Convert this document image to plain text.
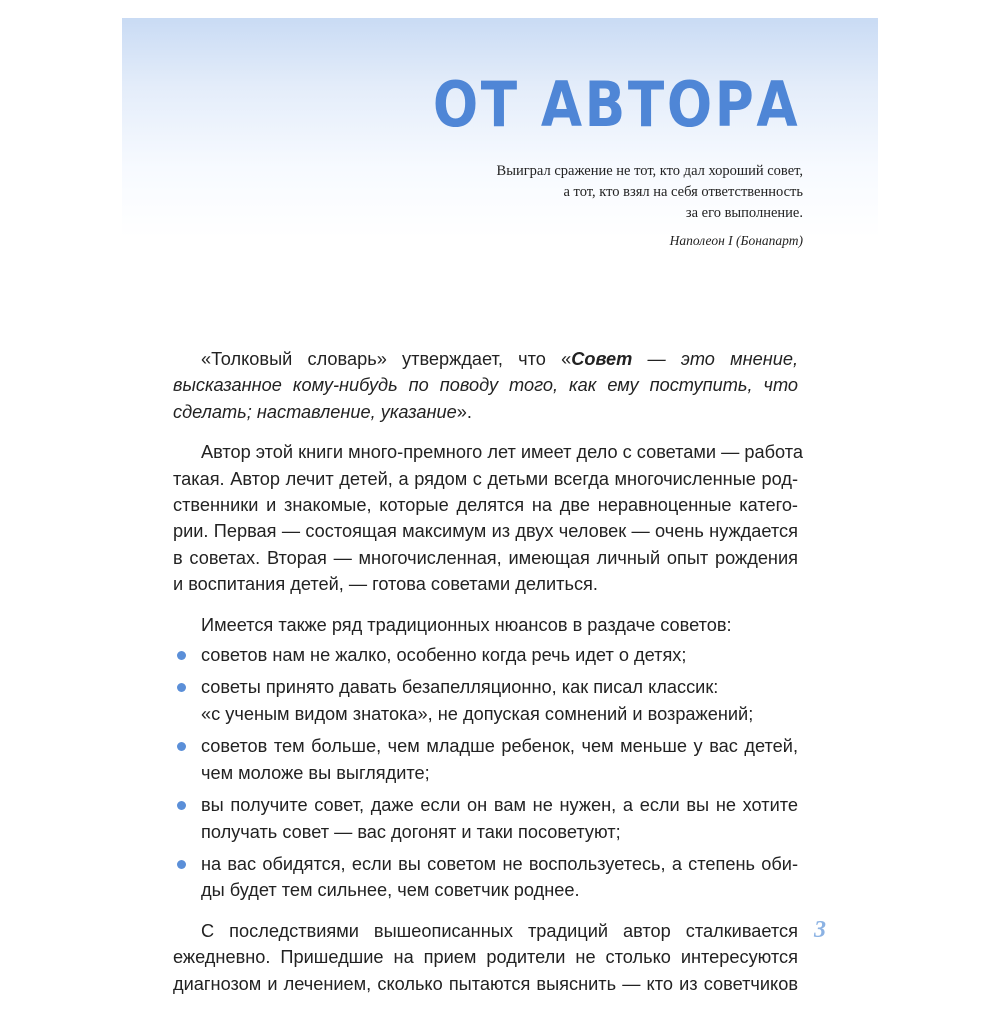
ОТ АВТОРА
Выиграл сражение не тот, кто дал хороший совет,
а тот, кто взял на себя ответственность
за его выполнение.
Наполеон I (Бонапарт)
«Толковый словарь» утверждает, что «Совет — это мнение,
высказанное кому-нибудь по поводу того, как ему поступить, что
сделать; наставление, указание».
Автор этой книги много-премного лет имеет дело с советами — работа
такая. Автор лечит детей, а рядом с детьми всегда многочисленные род-
ственники и знакомые, которые делятся на две неравноценные катего-
рии. Первая — состоящая максимум из двух человек — очень нуждается
в советах. Вторая — многочисленная, имеющая личный опыт рождения
и воспитания детей, — готова советами делиться.
Имеется также ряд традиционных нюансов в раздаче советов:
советов нам не жалко, особенно когда речь идет о детях;
советы принято давать безапелляционно, как писал классик:
«с ученым видом знатока», не допуская сомнений и возражений;
советов тем больше, чем младше ребенок, чем меньше у вас детей,
чем моложе вы выглядите;
вы получите совет, даже если он вам не нужен, а если вы не хотите
получать совет — вас догонят и таки посоветуют;
на вас обидятся, если вы советом не воспользуетесь, а степень оби-
ды будет тем сильнее, чем советчик роднее.
С последствиями вышеописанных традиций автор сталкивается
ежедневно. Пришедшие на прием родители не столько интересуются
диагнозом и лечением, сколько пытаются выяснить — кто из советчиков
3
